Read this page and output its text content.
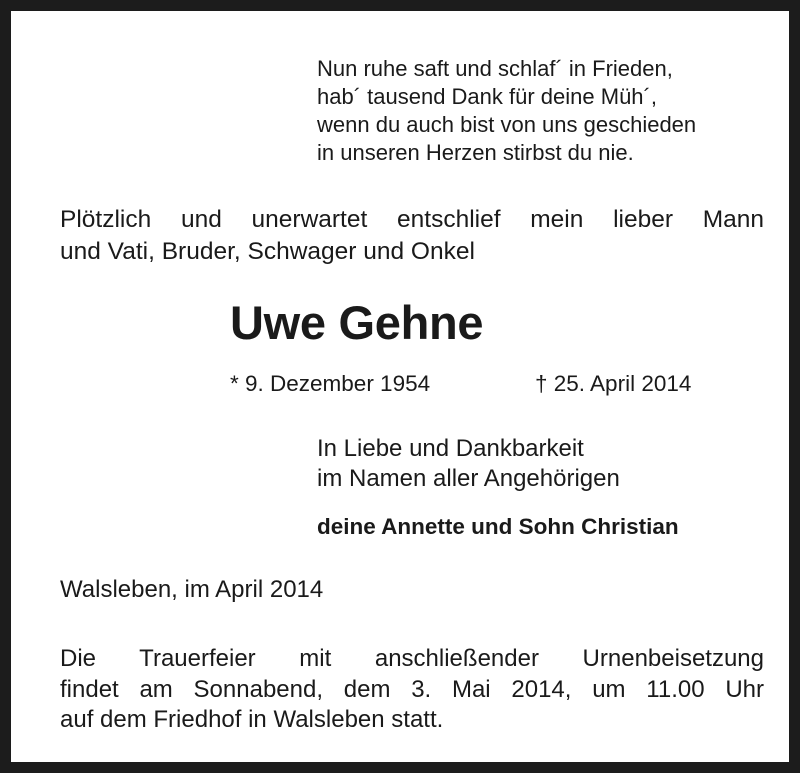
Nun ruhe saft und schlaf´ in Frieden,
hab´ tausend Dank für deine Müh´,
wenn du auch bist von uns geschieden
in unseren Herzen stirbst du nie.
Plötzlich und unerwartet entschlief mein lieber Mann
und Vati, Bruder, Schwager und Onkel
Uwe Gehne
* 9. Dezember 1954	† 25. April 2014
In Liebe und Dankbarkeit
im Namen aller Angehörigen
deine Annette und Sohn Christian
Walsleben, im April 2014
Die Trauerfeier mit anschließender Urnenbeisetzung
findet am Sonnabend, dem 3. Mai 2014, um 11.00 Uhr
auf dem Friedhof in Walsleben statt.
